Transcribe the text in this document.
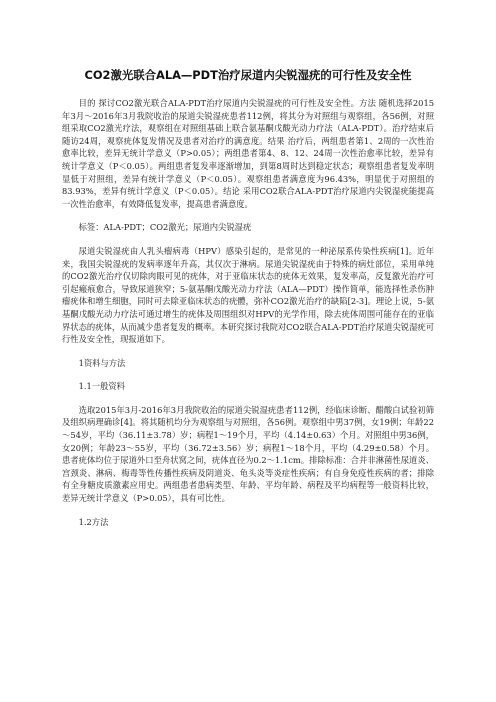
CO2激光联合ALA—PDT治疗尿道内尖锐湿疣的可行性及安全性

目的 探讨CO2激光联合ALA-PDT治疗尿道内尖锐湿疣的可行性及安全性。方法 随机选择2015年3月～2016年3月我院收治的尿道尖锐湿疣患者112例，将其分为对照组与观察组，各56例，对照组采取CO2激光疗法，观察组在对照组基础上联合氨基酮戊酸光动力疗法（ALA-PDT）。治疗结束后随访24周，观察疣体复发情况及患者对治疗的满意度。结果 治疗后，两组患者第1、2周的一次性治愈率比较，差异无统计学意义（P>0.05）；两组患者第4、8、12、24周一次性治愈率比较，差异有统计学意义（P＜0.05）。两组患者复发率逐渐增加，到第8周时达到稳定状态；观察组患者复发率明显低于对照组，差异有统计学意义（P＜0.05）。观察组患者满意度为96.43%，明显优于对照组的83.93%，差异有统计学意义（P＜0.05）。结论 采用CO2联合ALA-PDT治疗尿道内尖锐湿疣能提高一次性治愈率，有效降低复发率，提高患者满意度。

标签：ALA-PDT；CO2激光；尿道内尖锐湿疣

尿道尖锐湿疣由人乳头瘤病毒（HPV）感染引起的，是常见的一种泌尿系传染性疾病[1]。近年来，我国尖锐湿疣的发病率逐年升高，其仅次于淋病。尿道尖锐湿疣由于特殊的病灶部位，采用单纯的CO2激光治疗仅切除肉眼可见的疣体，对于亚临床状态的疣体无效果，复发率高，反复激光治疗可引起瘢痕愈合，导致尿道狭窄；5-氨基酮戊酸光动力疗法（ALA—PDT）操作简单，能选择性杀伤肿瘤疣体和增生细胞，同时可去除亚临床状态的疣體，弥补CO2激光治疗的缺陷[2-3]。理论上说，5-氨基酮戊酸光动力疗法可通过增生的疣体及周围组织对HPV的光学作用，除去疣体周围可能存在的亚临界状态的疣体，从而减少患者复发的概率。本研究探讨我院对CO2联合ALA-PDT治疗尿道尖锐湿疣可行性及安全性，现报道如下。

1资料与方法

1.1一般资料

选取2015年3月-2016年3月我院收治的尿道尖锐湿疣患者112例，经临床诊断、醋酸白试验初筛及组织病理确诊[4]。将其随机均分为观察组与对照组，各56例。观察组中男37例，女19例；年龄22～54岁，平均（36.11±3.78）岁；病程1～19个月，平均（4.14±0.63）个月。对照组中男36例，女20例；年龄23～55岁，平均（36.72±3.56）岁；病程1～18个月，平均（4.29±0.58）个月。患者疣体均位于尿道外口至舟状窝之间，疣体直径为0.2～1.1cm。排除标准：合并非淋菌性尿道炎、宫颈炎、淋病、梅毒等性传播性疾病及阴道炎、龟头炎等炎症性疾病；有自身免疫性疾病的者；排除有全身糖皮质激素应用史。两组患者患病类型、年龄、平均年龄、病程及平均病程等一般资料比较，差异无统计学意义（P>0.05），具有可比性。

1.2方法
